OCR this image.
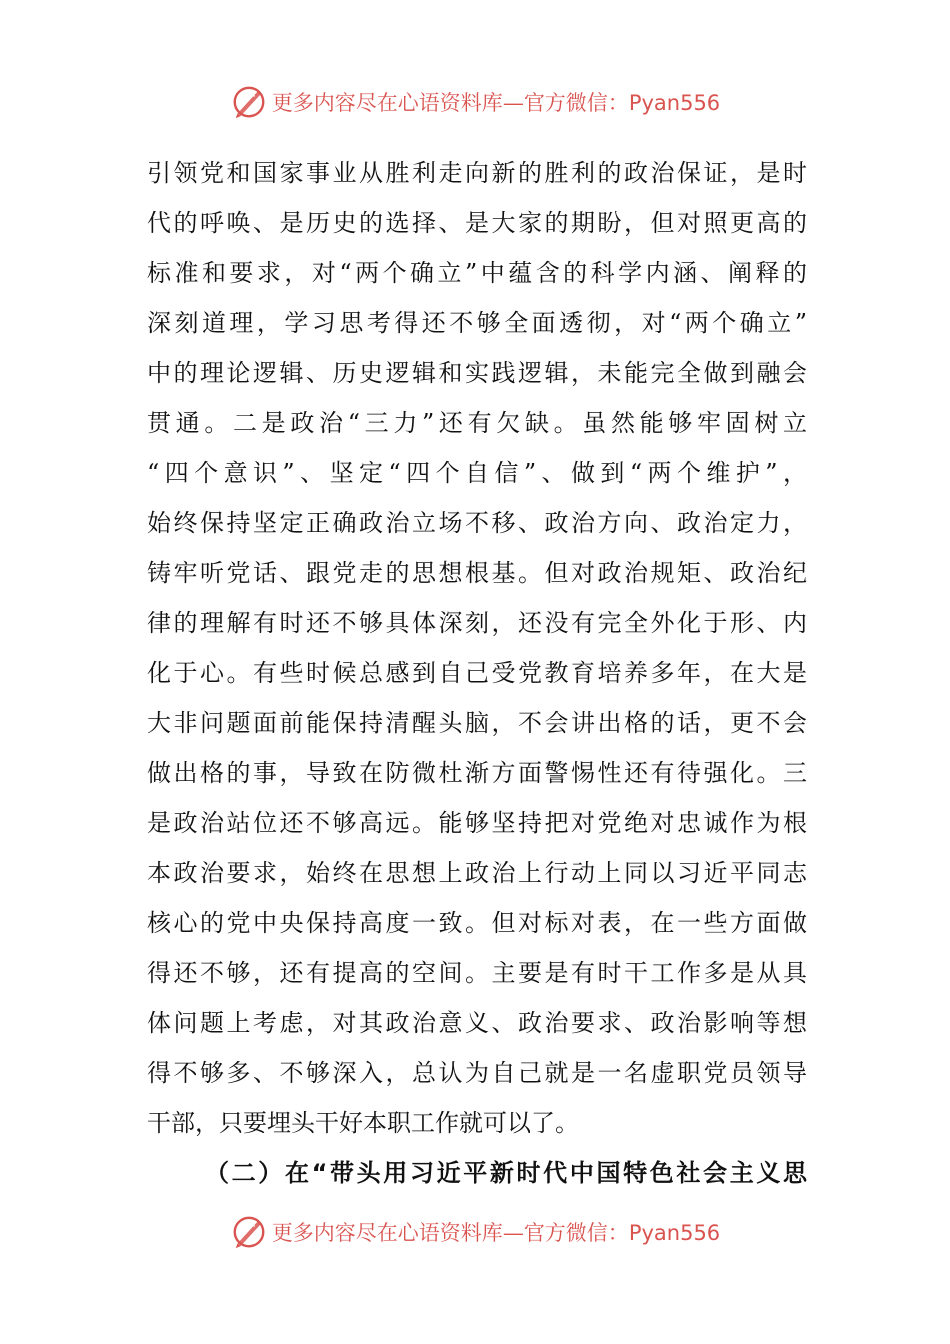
更多内容尽在心语资料库—官方微信：Pyan556
引领党和国家事业从胜利走向新的胜利的政治保证，是时
代的呼唤、是历史的选择、是大家的期盼，但对照更高的
标准和要求，对“两个确立”中蕴含的科学内涵、阐释的
深刻道理，学习思考得还不够全面透彻，对“两个确立”
中的理论逻辑、历史逻辑和实践逻辑，未能完全做到融会
贯通。二是政治“三力”还有欠缺。虽然能够牢固树立
“四个意识”、坚定“四个自信”、做到“两个维护”，
始终保持坚定正确政治立场不移、政治方向、政治定力，
铸牢听党话、跟党走的思想根基。但对政治规矩、政治纪
律的理解有时还不够具体深刻，还没有完全外化于形、内
化于心。有些时候总感到自己受党教育培养多年，在大是
大非问题面前能保持清醒头脑，不会讲出格的话，更不会
做出格的事，导致在防微杜渐方面警惕性还有待强化。三
是政治站位还不够高远。能够坚持把对党绝对忠诚作为根
本政治要求，始终在思想上政治上行动上同以习近平同志
核心的党中央保持高度一致。但对标对表，在一些方面做
得还不够，还有提高的空间。主要是有时干工作多是从具
体问题上考虑，对其政治意义、政治要求、政治影响等想
得不够多、不够深入，总认为自己就是一名虚职党员领导
干部，只要埋头干好本职工作就可以了。
（二）在“带头用习近平新时代中国特色社会主义思
更多内容尽在心语资料库—官方微信：Pyan556
